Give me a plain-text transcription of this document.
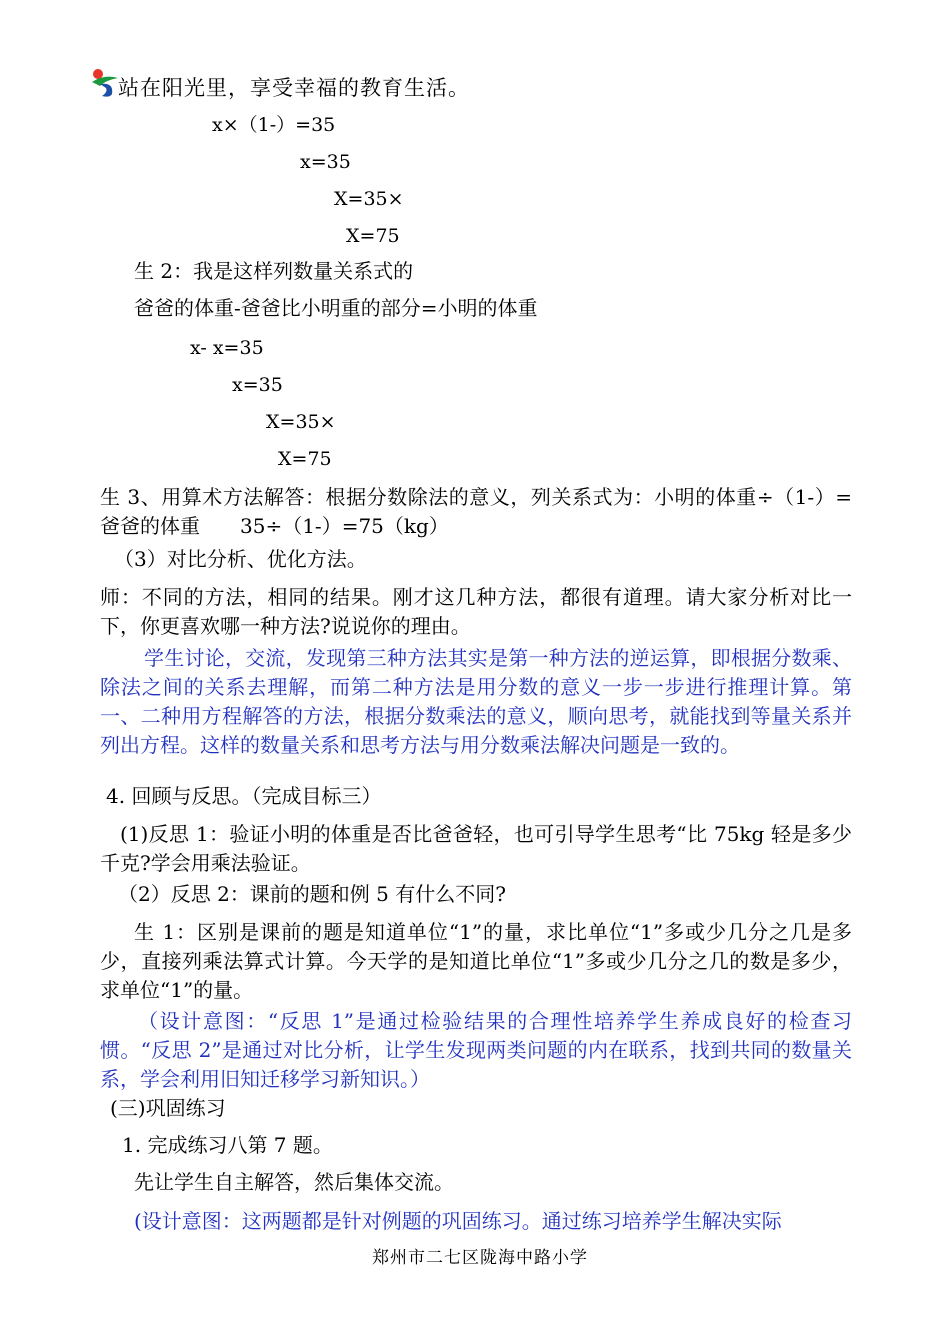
站在阳光里，享受幸福的教育生活。
x×（1-）=35
x=35
X=35×
X=75
生 2：我是这样列数量关系式的
爸爸的体重-爸爸比小明重的部分=小明的体重
x- x=35
x=35
X=35×
X=75
生 3、用算术方法解答：根据分数除法的意义，列关系式为：小明的体重÷（1-）=爸爸的体重　　35÷（1-）=75（kg）
（3）对比分析、优化方法。
师：不同的方法，相同的结果。刚才这几种方法，都很有道理。请大家分析对比一下，你更喜欢哪一种方法?说说你的理由。
学生讨论，交流，发现第三种方法其实是第一种方法的逆运算，即根据分数乘、除法之间的关系去理解，而第二种方法是用分数的意义一步一步进行推理计算。第一、二种用方程解答的方法，根据分数乘法的意义，顺向思考，就能找到等量关系并列出方程。这样的数量关系和思考方法与用分数乘法解决问题是一致的。
4. 回顾与反思。（完成目标三）
(1)反思 1：验证小明的体重是否比爸爸轻，也可引导学生思考“比 75kg 轻是多少千克?学会用乘法验证。
（2）反思 2：课前的题和例 5 有什么不同?
生 1：区别是课前的题是知道单位“1”的量，求比单位“1”多或少几分之几是多少，直接列乘法算式计算。今天学的是知道比单位“1”多或少几分之几的数是多少，求单位“1”的量。
（设计意图：“反思 1”是通过检验结果的合理性培养学生养成良好的检查习惯。“反思 2”是通过对比分析，让学生发现两类问题的内在联系，找到共同的数量关系，学会利用旧知迁移学习新知识。）
(三)巩固练习
1. 完成练习八第 7 题。
先让学生自主解答，然后集体交流。
(设计意图：这两题都是针对例题的巩固练习。通过练习培养学生解决实际
郑州市二七区陇海中路小学
